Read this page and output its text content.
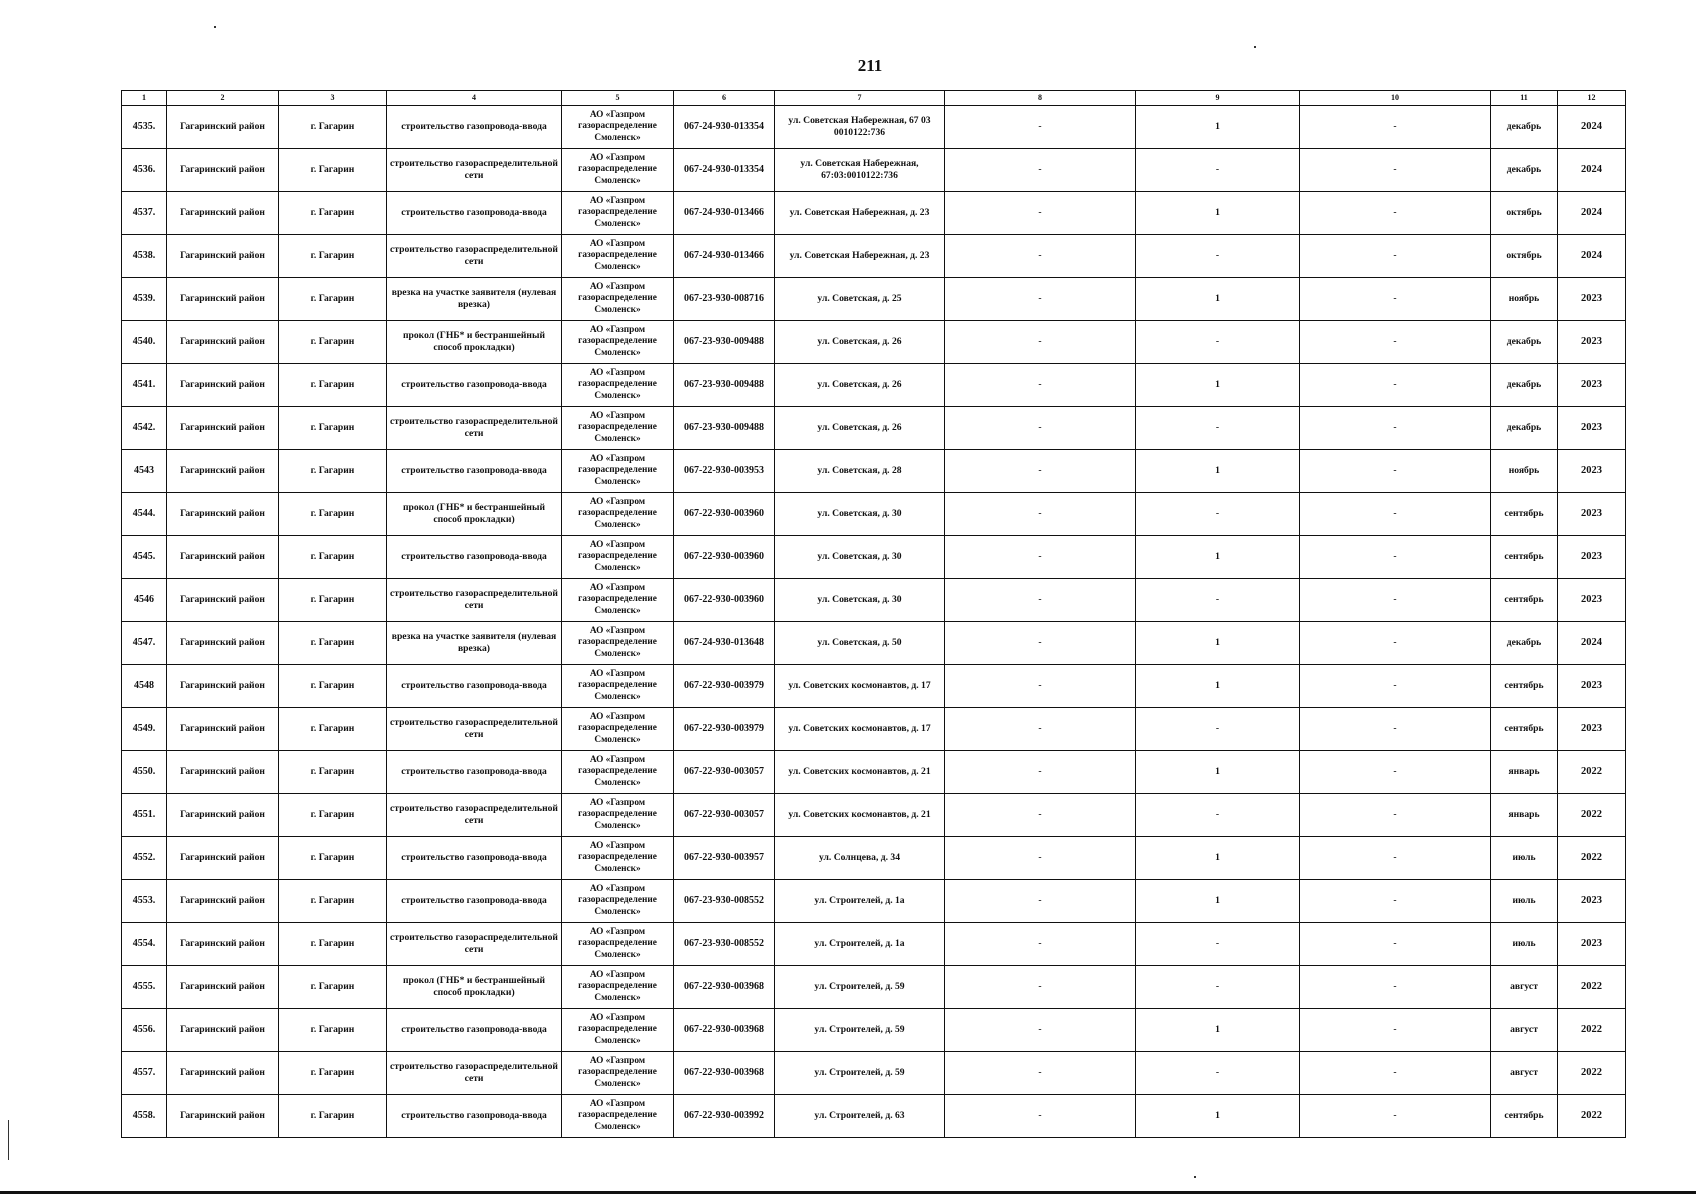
211
1	2	3	4	5	6	7	8	9	10	11	12
4535.	Гагаринский район	г. Гагарин	строительство газопровода-ввода	АО «Газпром газораспределение Смоленск»	067-24-930-013354	ул. Советская Набережная, 67 03 0010122:736	-	1	-	декабрь	2024
4536.	Гагаринский район	г. Гагарин	строительство газораспределительной сети	АО «Газпром газораспределение Смоленск»	067-24-930-013354	ул. Советская Набережная, 67:03:0010122:736	-	-	-	декабрь	2024
4537.	Гагаринский район	г. Гагарин	строительство газопровода-ввода	АО «Газпром газораспределение Смоленск»	067-24-930-013466	ул. Советская Набережная, д. 23	-	1	-	октябрь	2024
4538.	Гагаринский район	г. Гагарин	строительство газораспределительной сети	АО «Газпром газораспределение Смоленск»	067-24-930-013466	ул. Советская Набережная, д. 23	-	-	-	октябрь	2024
4539.	Гагаринский район	г. Гагарин	врезка на участке заявителя (нулевая врезка)	АО «Газпром газораспределение Смоленск»	067-23-930-008716	ул. Советская, д. 25	-	1	-	ноябрь	2023
4540.	Гагаринский район	г. Гагарин	прокол (ГНБ* и бестраншейный способ прокладки)	АО «Газпром газораспределение Смоленск»	067-23-930-009488	ул. Советская, д. 26	-	-	-	декабрь	2023
4541.	Гагаринский район	г. Гагарин	строительство газопровода-ввода	АО «Газпром газораспределение Смоленск»	067-23-930-009488	ул. Советская, д. 26	-	1	-	декабрь	2023
4542.	Гагаринский район	г. Гагарин	строительство газораспределительной сети	АО «Газпром газораспределение Смоленск»	067-23-930-009488	ул. Советская, д. 26	-	-	-	декабрь	2023
4543	Гагаринский район	г. Гагарин	строительство газопровода-ввода	АО «Газпром газораспределение Смоленск»	067-22-930-003953	ул. Советская, д. 28	-	1	-	ноябрь	2023
4544.	Гагаринский район	г. Гагарин	прокол (ГНБ* и бестраншейный способ прокладки)	АО «Газпром газораспределение Смоленск»	067-22-930-003960	ул. Советская, д. 30	-	-	-	сентябрь	2023
4545.	Гагаринский район	г. Гагарин	строительство газопровода-ввода	АО «Газпром газораспределение Смоленск»	067-22-930-003960	ул. Советская, д. 30	-	1	-	сентябрь	2023
4546	Гагаринский район	г. Гагарин	строительство газораспределительной сети	АО «Газпром газораспределение Смоленск»	067-22-930-003960	ул. Советская, д. 30	-	-	-	сентябрь	2023
4547.	Гагаринский район	г. Гагарин	врезка на участке заявителя (нулевая врезка)	АО «Газпром газораспределение Смоленск»	067-24-930-013648	ул. Советская, д. 50	-	1	-	декабрь	2024
4548	Гагаринский район	г. Гагарин	строительство газопровода-ввода	АО «Газпром газораспределение Смоленск»	067-22-930-003979	ул. Советских космонавтов, д. 17	-	1	-	сентябрь	2023
4549.	Гагаринский район	г. Гагарин	строительство газораспределительной сети	АО «Газпром газораспределение Смоленск»	067-22-930-003979	ул. Советских космонавтов, д. 17	-	-	-	сентябрь	2023
4550.	Гагаринский район	г. Гагарин	строительство газопровода-ввода	АО «Газпром газораспределение Смоленск»	067-22-930-003057	ул. Советских космонавтов, д. 21	-	1	-	январь	2022
4551.	Гагаринский район	г. Гагарин	строительство газораспределительной сети	АО «Газпром газораспределение Смоленск»	067-22-930-003057	ул. Советских космонавтов, д. 21	-	-	-	январь	2022
4552.	Гагаринский район	г. Гагарин	строительство газопровода-ввода	АО «Газпром газораспределение Смоленск»	067-22-930-003957	ул. Солнцева, д. 34	-	1	-	июль	2022
4553.	Гагаринский район	г. Гагарин	строительство газопровода-ввода	АО «Газпром газораспределение Смоленск»	067-23-930-008552	ул. Строителей, д. 1а	-	1	-	июль	2023
4554.	Гагаринский район	г. Гагарин	строительство газораспределительной сети	АО «Газпром газораспределение Смоленск»	067-23-930-008552	ул. Строителей, д. 1а	-	-	-	июль	2023
4555.	Гагаринский район	г. Гагарин	прокол (ГНБ* и бестраншейный способ прокладки)	АО «Газпром газораспределение Смоленск»	067-22-930-003968	ул. Строителей, д. 59	-	-	-	август	2022
4556.	Гагаринский район	г. Гагарин	строительство газопровода-ввода	АО «Газпром газораспределение Смоленск»	067-22-930-003968	ул. Строителей, д. 59	-	1	-	август	2022
4557.	Гагаринский район	г. Гагарин	строительство газораспределительной сети	АО «Газпром газораспределение Смоленск»	067-22-930-003968	ул. Строителей, д. 59	-	-	-	август	2022
4558.	Гагаринский район	г. Гагарин	строительство газопровода-ввода	АО «Газпром газораспределение Смоленск»	067-22-930-003992	ул. Строителей, д. 63	-	1	-	сентябрь	2022
